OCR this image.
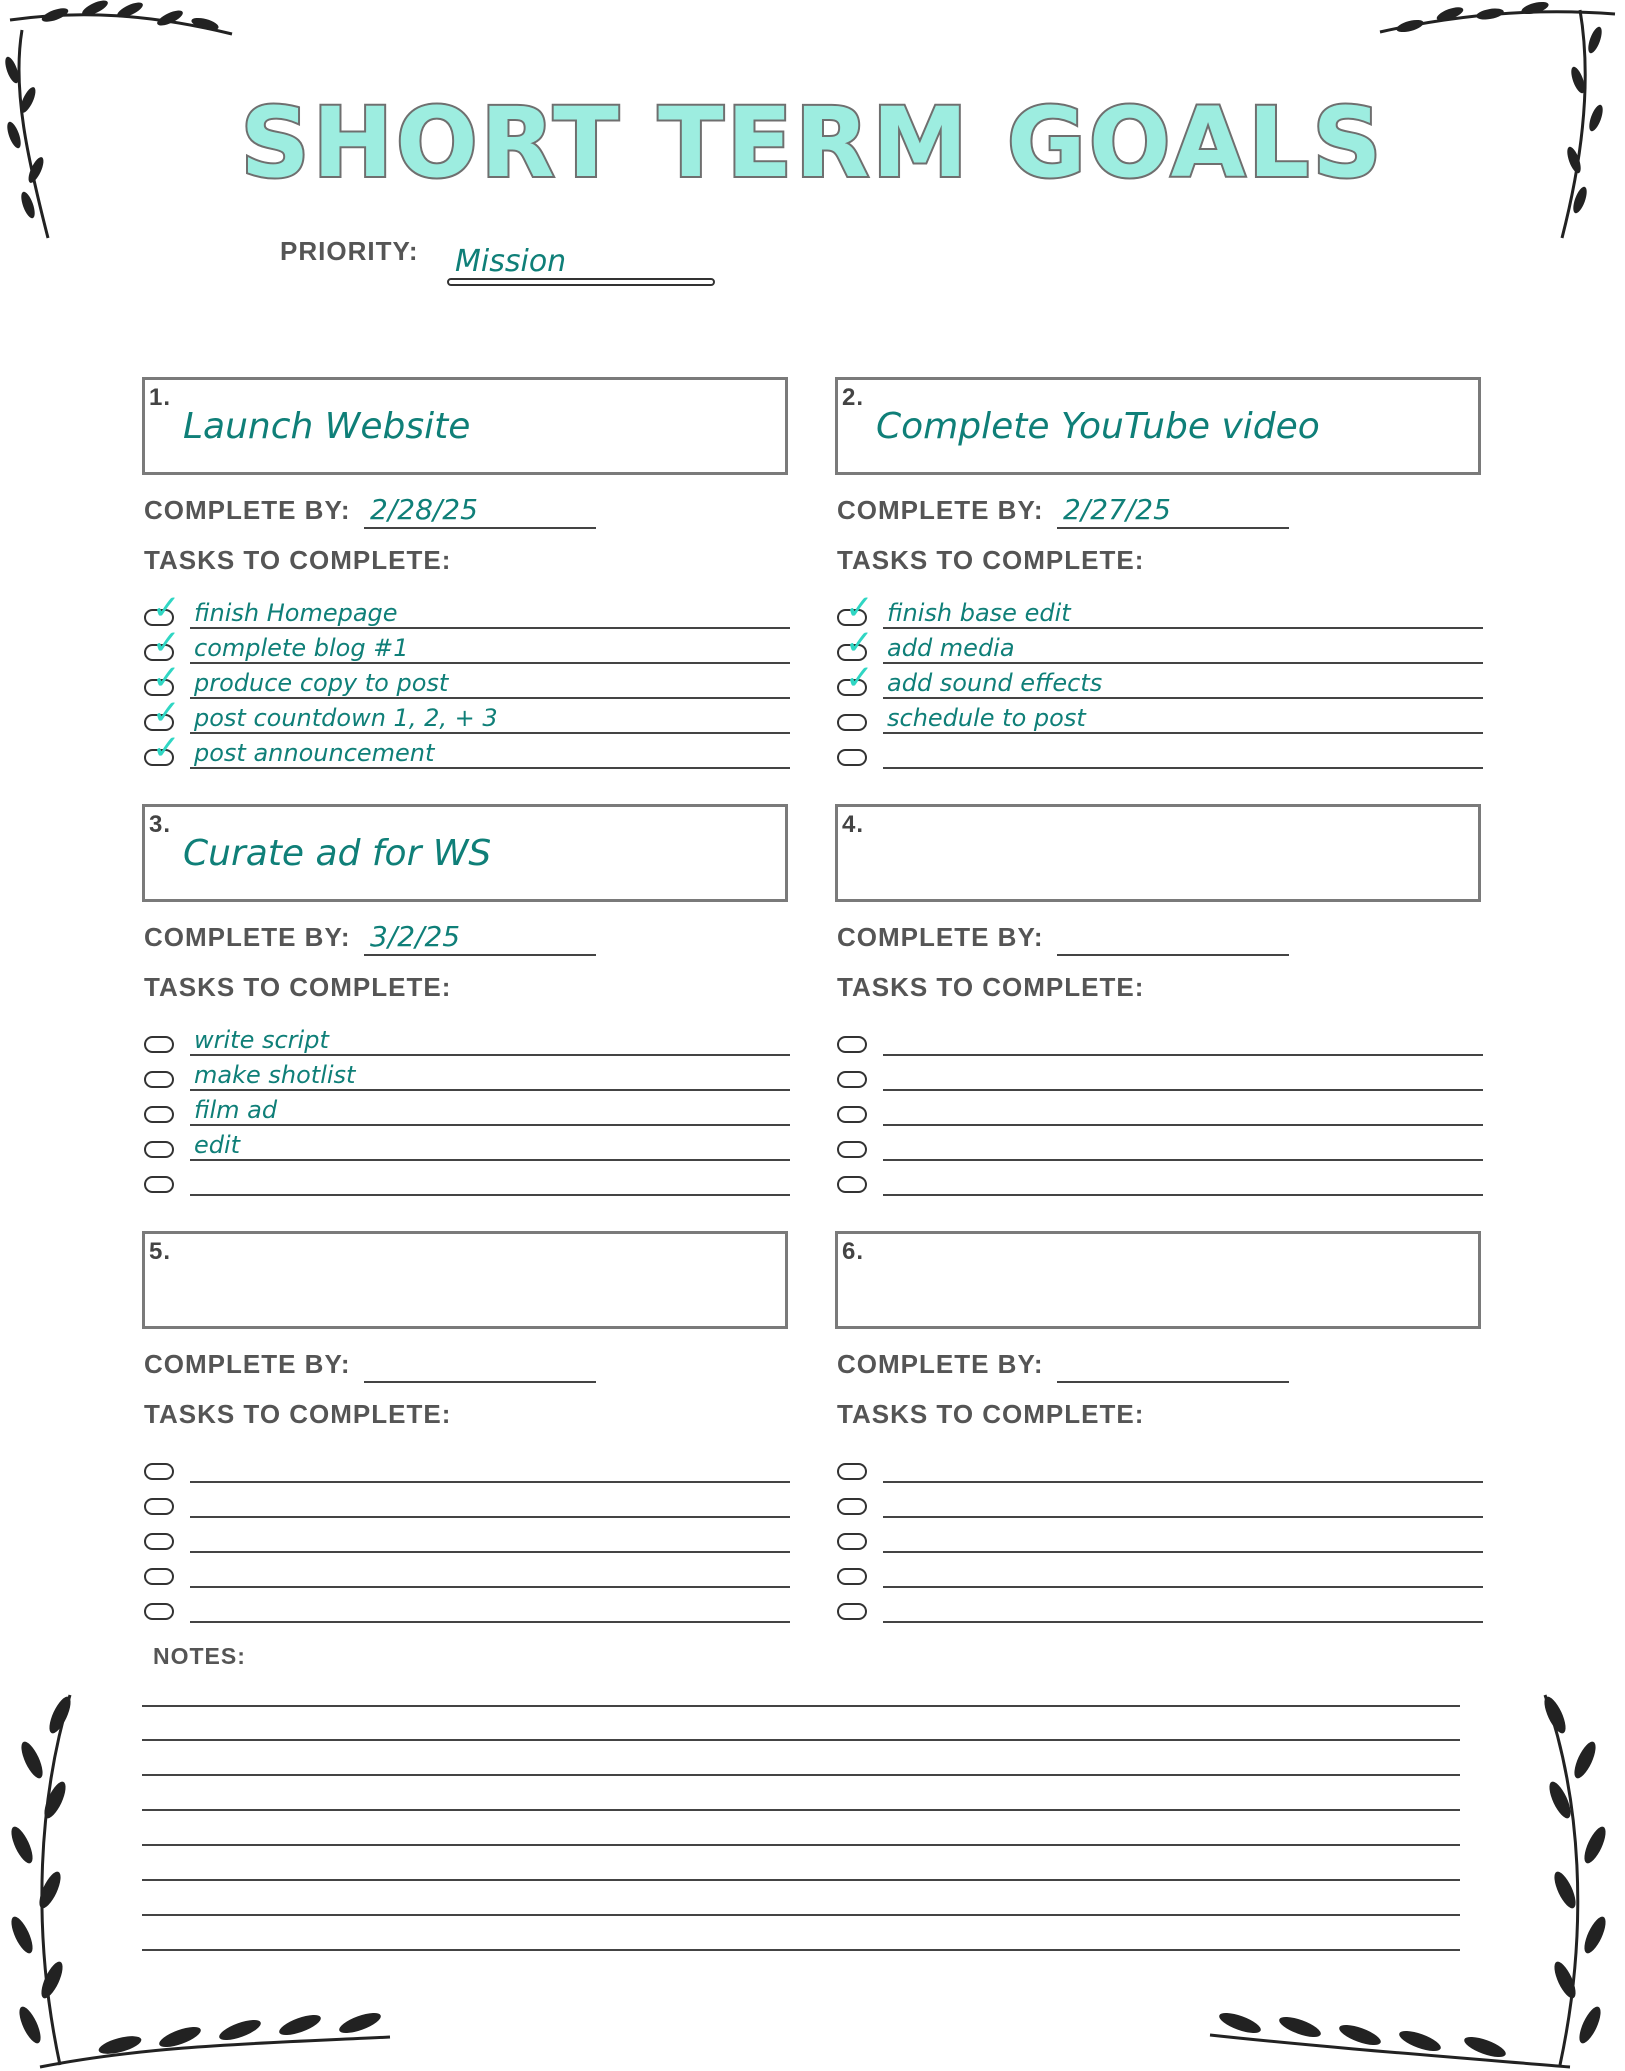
SHORT TERM GOALS
PRIORITY: Mission
1.
Launch Website
COMPLETE BY: 2/28/25
TASKS TO COMPLETE:
✓ finish Homepage
✓ complete blog #1
✓ produce copy to post
✓ post countdown 1, 2, + 3
✓ post announcement
2.
Complete YouTube video
COMPLETE BY: 2/27/25
TASKS TO COMPLETE:
✓ finish base edit
✓ add media
✓ add sound effects
schedule to post
3.
Curate ad for WS
COMPLETE BY: 3/2/25
TASKS TO COMPLETE:
write script
make shotlist
film ad
edit
4.
COMPLETE BY:
TASKS TO COMPLETE:
5.
COMPLETE BY:
TASKS TO COMPLETE:
6.
COMPLETE BY:
TASKS TO COMPLETE:
NOTES:
